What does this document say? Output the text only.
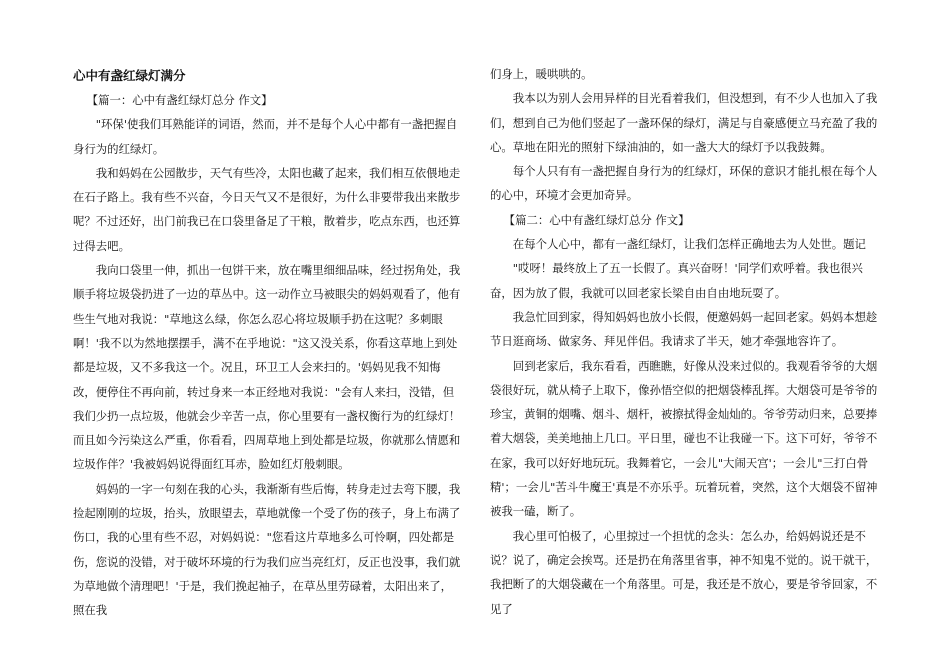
心中有盏红绿灯满分

【篇一：心中有盏红绿灯总分 作文】

"环保'使我们耳熟能详的词语，然而，并不是每个人心中都有一盏把握自身行为的红绿灯。

我和妈妈在公园散步，天气有些冷，太阳也藏了起来，我们相互依偎地走在石子路上。我有些不兴奋，今日天气又不是很好，为什么非要带我出来散步呢？不过还好，出门前我已在口袋里备足了干粮，散着步，吃点东西，也还算过得去吧。

我向口袋里一伸，抓出一包饼干来，放在嘴里细细品味，经过拐角处，我顺手将垃圾袋扔进了一边的草丛中。这一动作立马被眼尖的妈妈观看了，他有些生气地对我说："草地这么绿，你怎么忍心将垃圾顺手扔在这呢？多刺眼啊！'我不以为然地摆摆手，满不在乎地说："这又没关系，你看这草地上到处都是垃圾，又不多我这一个。况且，环卫工人会来扫的。'妈妈见我不知悔改，便停住不再向前，转过身来一本正经地对我说："会有人来扫，没错，但我们少扔一点垃圾，他就会少辛苦一点，你心里要有一盏权衡行为的红绿灯！而且如今污染这么严重，你看看，四周草地上到处都是垃圾，你就那么情愿和垃圾作伴？'我被妈妈说得面红耳赤，脸如红灯般刺眼。

妈妈的一字一句刻在我的心头，我渐渐有些后悔，转身走过去弯下腰，我捡起刚刚的垃圾，抬头，放眼望去，草地就像一个受了伤的孩子，身上布满了伤口，我的心里有些不忍，对妈妈说："您看这片草地多么可怜啊，四处都是伤，您说的没错，对于破坏环境的行为我们应当亮红灯，反正也没事，我们就为草地做个清理吧！'于是，我们挽起袖子，在草丛里劳碌着，太阳出来了，照在我

们身上，暖哄哄的。

我本以为别人会用异样的目光看着我们，但没想到，有不少人也加入了我们，想到自己为他们竖起了一盏环保的绿灯，满足与自豪感便立马充盈了我的心。草地在阳光的照射下绿油油的，如一盏大大的绿灯予以我鼓舞。

每个人只有有一盏把握自身行为的红绿灯，环保的意识才能扎根在每个人的心中，环境才会更加奇异。

【篇二：心中有盏红绿灯总分 作文】

在每个人心中，都有一盏红绿灯，让我们怎样正确地去为人处世。题记

"哎呀！最终放上了五一长假了。真兴奋呀！'同学们欢呼着。我也很兴奋，因为放了假，我就可以回老家长梁自由自由地玩耍了。

我急忙回到家，得知妈妈也放小长假，便邀妈妈一起回老家。妈妈本想趁节日逛商场、做家务、拜见伴侣。我请求了半天，她才牵强地容许了。

回到老家后，我东看看，西瞧瞧，好像从没来过似的。我观看爷爷的大烟袋很好玩，就从椅子上取下，像孙悟空似的把烟袋棒乱挥。大烟袋可是爷爷的珍宝，黄铜的烟嘴、烟斗、烟杆，被擦拭得金灿灿的。爷爷劳动归来，总要捧着大烟袋，美美地抽上几口。平日里，碰也不让我碰一下。这下可好，爷爷不在家，我可以好好地玩玩。我舞着它，一会儿"大闹天宫'；一会儿"三打白骨精'；一会儿"苦斗牛魔王'真是不亦乐乎。玩着玩着，突然，这个大烟袋不留神被我一磕，断了。

我心里可怕极了，心里掠过一个担忧的念头：怎么办，给妈妈说还是不说？说了，确定会挨骂。还是扔在角落里省事，神不知鬼不觉的。说干就干，我把断了的大烟袋藏在一个角落里。可是，我还是不放心，要是爷爷回家，不见了
